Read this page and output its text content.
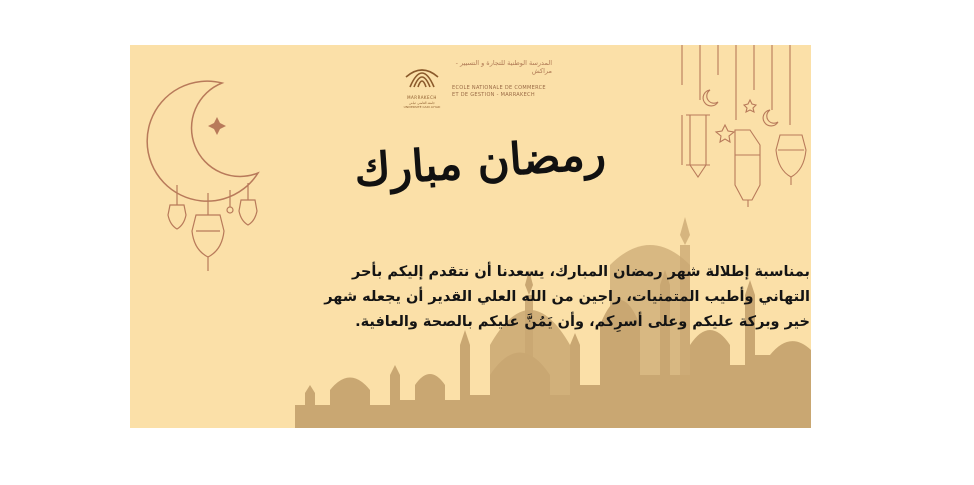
MARRAKECH
جامعة القاضي عياض UNIVERSITÉ CADI AYYAD
المدرسة الوطنية للتجارة و التسيير - مراكش
ECOLE NATIONALE DE COMMERCE
ET DE GESTION - MARRAKECH
رمضان مبارك
بمناسبة إطلالة شهر رمضان المبارك، يسعدنا أن نتقدم إليكم بأحر
التهاني وأطيب المتمنيات، راجين من الله العلي القدير أن يجعله شهر
خير وبركة عليكم وعلى أسرِكم، وأن يَمُنَّ عليكم بالصحة والعافية.
